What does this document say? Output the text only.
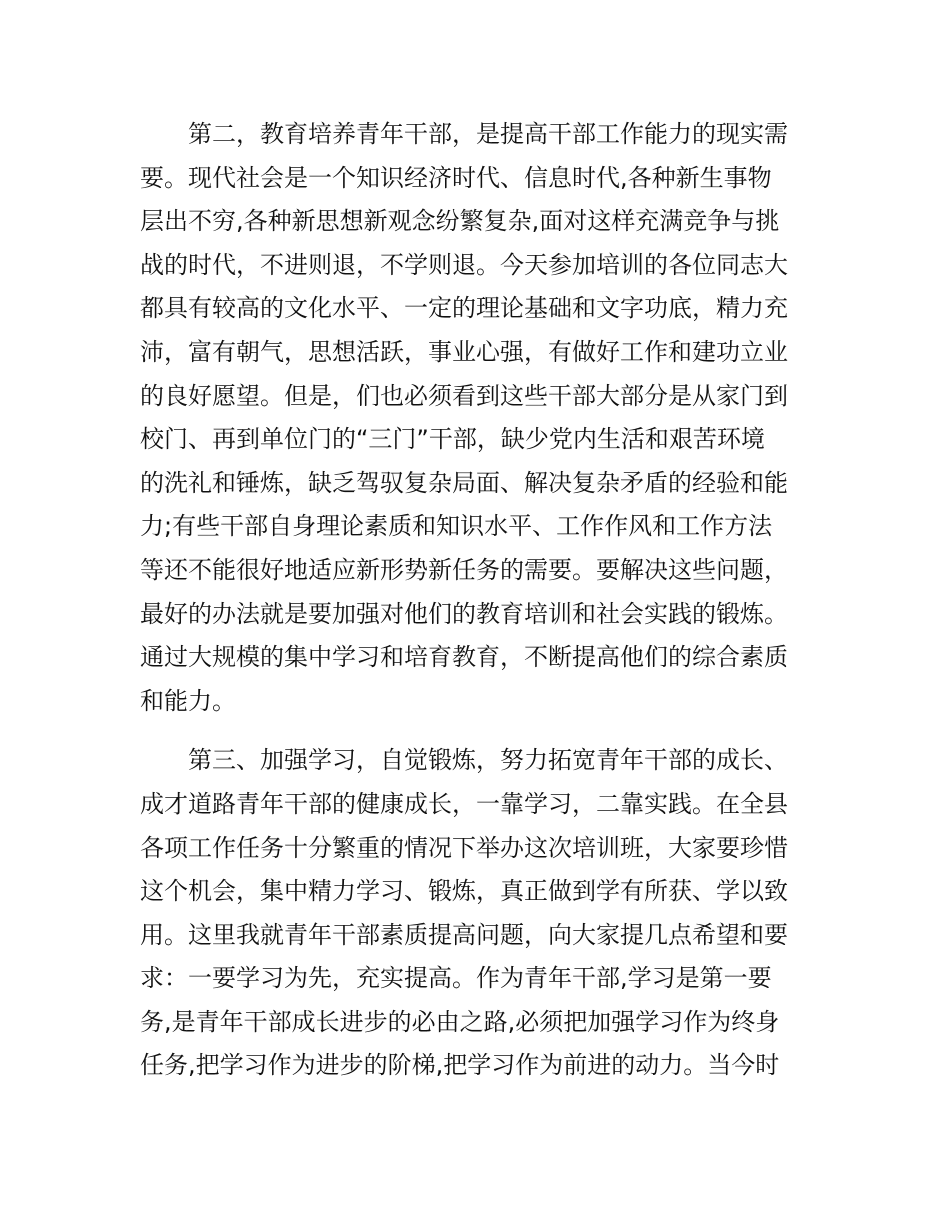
第二，教育培养青年干部，是提高干部工作能力的现实需
要。现代社会是一个知识经济时代、信息时代,各种新生事物
层出不穷,各种新思想新观念纷繁复杂,面对这样充满竞争与挑
战的时代，不进则退，不学则退。今天参加培训的各位同志大
都具有较高的文化水平、一定的理论基础和文字功底，精力充
沛，富有朝气，思想活跃，事业心强，有做好工作和建功立业
的良好愿望。但是，们也必须看到这些干部大部分是从家门到
校门、再到单位门的“三门”干部，缺少党内生活和艰苦环境
的洗礼和锤炼，缺乏驾驭复杂局面、解决复杂矛盾的经验和能
力;有些干部自身理论素质和知识水平、工作作风和工作方法
等还不能很好地适应新形势新任务的需要。要解决这些问题，
最好的办法就是要加强对他们的教育培训和社会实践的锻炼。
通过大规模的集中学习和培育教育，不断提高他们的综合素质
和能力。
第三、加强学习，自觉锻炼，努力拓宽青年干部的成长、
成才道路青年干部的健康成长，一靠学习，二靠实践。在全县
各项工作任务十分繁重的情况下举办这次培训班，大家要珍惜
这个机会，集中精力学习、锻炼，真正做到学有所获、学以致
用。这里我就青年干部素质提高问题，向大家提几点希望和要
求：一要学习为先，充实提高。作为青年干部,学习是第一要
务,是青年干部成长进步的必由之路,必须把加强学习作为终身
任务,把学习作为进步的阶梯,把学习作为前进的动力。当今时
